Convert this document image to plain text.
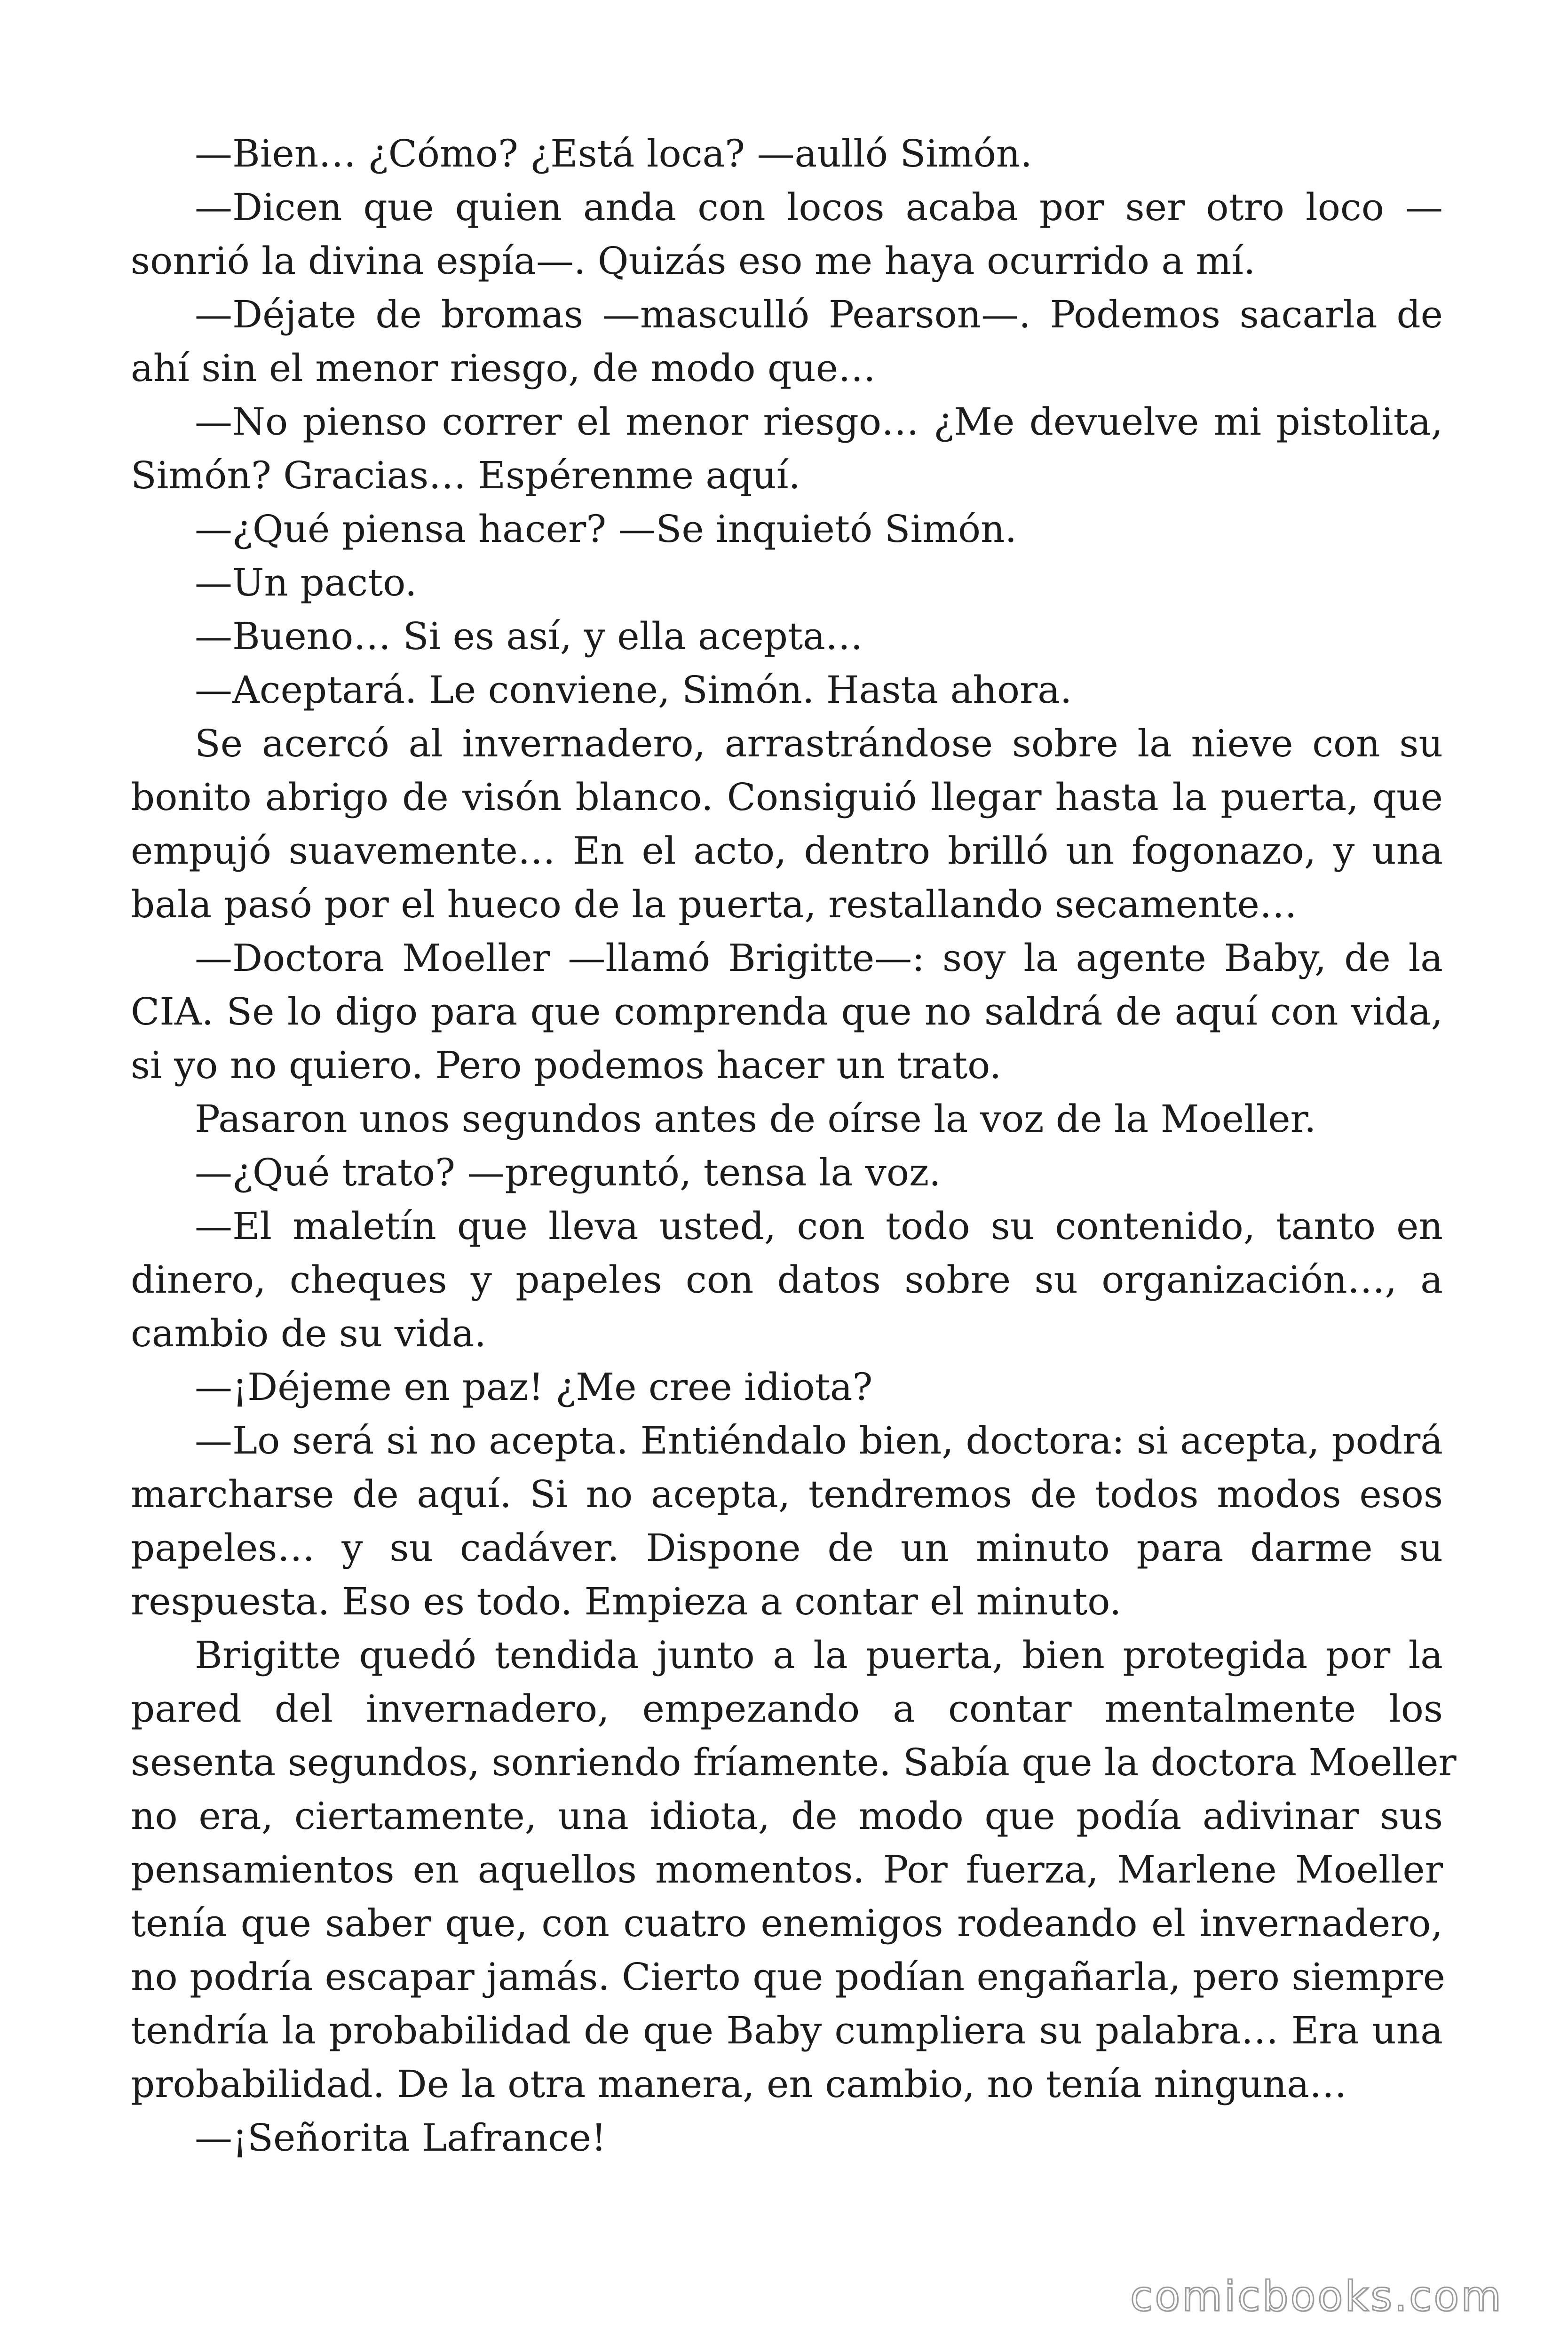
—Bien… ¿Cómo? ¿Está loca? —aulló Simón.
—Dicen que quien anda con locos acaba por ser otro loco —
sonrió la divina espía—. Quizás eso me haya ocurrido a mí.
—Déjate de bromas —masculló Pearson—. Podemos sacarla de
ahí sin el menor riesgo, de modo que…
—No pienso correr el menor riesgo… ¿Me devuelve mi pistolita,
Simón? Gracias… Espérenme aquí.
—¿Qué piensa hacer? —Se inquietó Simón.
—Un pacto.
—Bueno… Si es así, y ella acepta…
—Aceptará. Le conviene, Simón. Hasta ahora.
Se acercó al invernadero, arrastrándose sobre la nieve con su
bonito abrigo de visón blanco. Consiguió llegar hasta la puerta, que
empujó suavemente… En el acto, dentro brilló un fogonazo, y una
bala pasó por el hueco de la puerta, restallando secamente…
—Doctora Moeller —llamó Brigitte—: soy la agente Baby, de la
CIA. Se lo digo para que comprenda que no saldrá de aquí con vida,
si yo no quiero. Pero podemos hacer un trato.
Pasaron unos segundos antes de oírse la voz de la Moeller.
—¿Qué trato? —preguntó, tensa la voz.
—El maletín que lleva usted, con todo su contenido, tanto en
dinero, cheques y papeles con datos sobre su organización…, a
cambio de su vida.
—¡Déjeme en paz! ¿Me cree idiota?
—Lo será si no acepta. Entiéndalo bien, doctora: si acepta, podrá
marcharse de aquí. Si no acepta, tendremos de todos modos esos
papeles… y su cadáver. Dispone de un minuto para darme su
respuesta. Eso es todo. Empieza a contar el minuto.
Brigitte quedó tendida junto a la puerta, bien protegida por la
pared del invernadero, empezando a contar mentalmente los
sesenta segundos, sonriendo fríamente. Sabía que la doctora Moeller
no era, ciertamente, una idiota, de modo que podía adivinar sus
pensamientos en aquellos momentos. Por fuerza, Marlene Moeller
tenía que saber que, con cuatro enemigos rodeando el invernadero,
no podría escapar jamás. Cierto que podían engañarla, pero siempre
tendría la probabilidad de que Baby cumpliera su palabra… Era una
probabilidad. De la otra manera, en cambio, no tenía ninguna…
—¡Señorita Lafrance!
comicbooks.com
